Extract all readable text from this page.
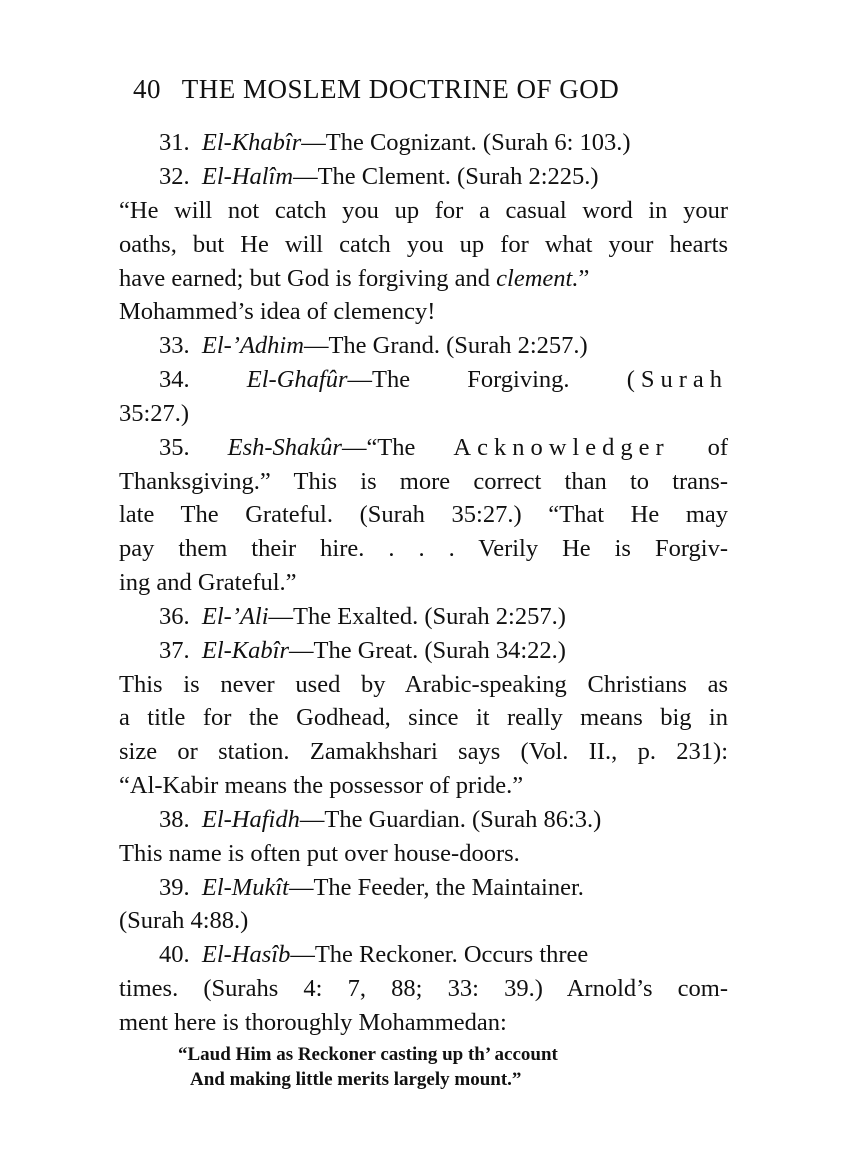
40 THE MOSLEM DOCTRINE OF GOD
31. El-Khabîr—The Cognizant. (Surah 6: 103.)
32. El-Halîm—The Clement. (Surah 2:225.)
“He will not catch you up for a casual word in your
oaths, but He will catch you up for what your hearts
have earned; but God is forgiving and clement.”
Mohammed’s idea of clemency!
33. El-’Adhim—The Grand. (Surah 2:257.)
34. El-Ghafûr—The Forgiving. (Surah
35:27.)
35. Esh-Shakûr—“The Acknowledger of
Thanksgiving.” This is more correct than to trans-
late The Grateful. (Surah 35:27.) “That He may
pay them their hire. . . . Verily He is Forgiv-
ing and Grateful.”
36. El-’Ali—The Exalted. (Surah 2:257.)
37. El-Kabîr—The Great. (Surah 34:22.)
This is never used by Arabic-speaking Christians as
a title for the Godhead, since it really means big in
size or station. Zamakhshari says (Vol. II., p. 231):
“Al-Kabir means the possessor of pride.”
38. El-Hafidh—The Guardian. (Surah 86:3.)
This name is often put over house-doors.
39. El-Mukît—The Feeder, the Maintainer.
(Surah 4:88.)
40. El-Hasîb—The Reckoner. Occurs three
times. (Surahs 4: 7, 88; 33: 39.) Arnold’s com-
ment here is thoroughly Mohammedan:
“Laud Him as Reckoner casting up th’ account
And making little merits largely mount.”
